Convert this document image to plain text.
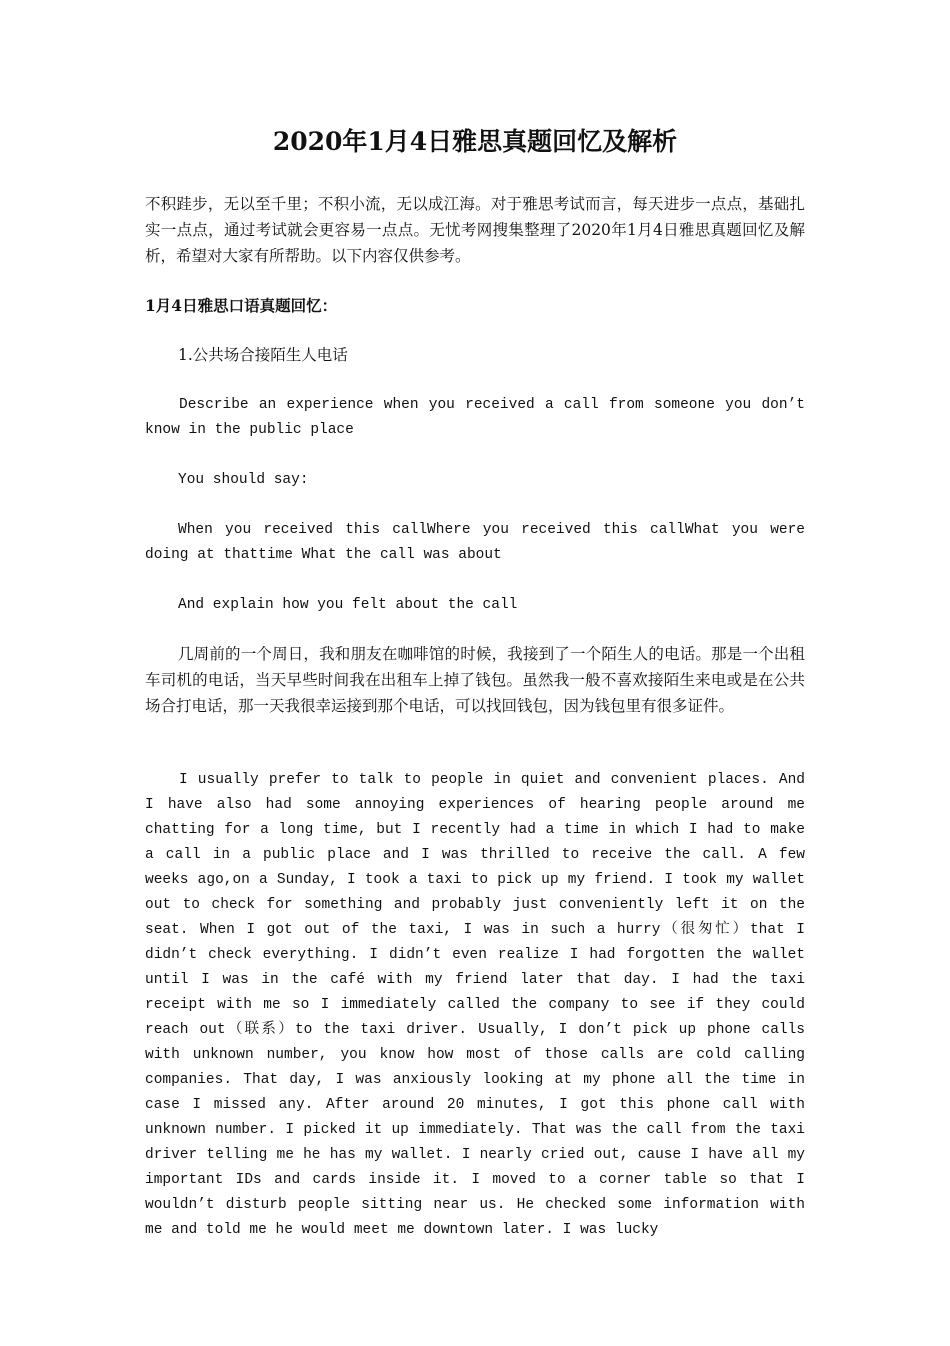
2020年1月4日雅思真题回忆及解析

不积跬步，无以至千里；不积小流，无以成江海。对于雅思考试而言，每天进步一点点，基础扎实一点点，通过考试就会更容易一点点。无忧考网搜集整理了2020年1月4日雅思真题回忆及解析，希望对大家有所帮助。以下内容仅供参考。

1月4日雅思口语真题回忆：

1.公共场合接陌生人电话

Describe an experience when you received a call from someone you don’t know in the public place

You should say:

When you received this callWhere you received this callWhat you were doing at thattime What the call was about

And explain how you felt about the call

几周前的一个周日，我和朋友在咖啡馆的时候，我接到了一个陌生人的电话。那是一个出租车司机的电话，当天早些时间我在出租车上掉了钱包。虽然我一般不喜欢接陌生来电或是在公共场合打电话，那一天我很幸运接到那个电话，可以找回钱包，因为钱包里有很多证件。

I usually prefer to talk to people in quiet and convenient places. And I have also had some annoying experiences of hearing people around me chatting for a long time, but I recently had a time in which I had to make a call in a public place and I was thrilled to receive the call. A few weeks ago,on a Sunday, I took a taxi to pick up my friend. I took my wallet out to check for something and probably just conveniently left it on the seat. When I got out of the taxi, I was in such a hurry（很匆忙）that I didn’t check everything. I didn’t even realize I had forgotten the wallet until I was in the café with my friend later that day. I had the taxi receipt with me so I immediately called the company to see if they could reach out（联系）to the taxi driver. Usually, I don’t pick up phone calls with unknown number, you know how most of those calls are cold calling companies. That day, I was anxiously looking at my phone all the time in case I missed any. After around 20 minutes, I got this phone call with unknown number. I picked it up immediately. That was the call from the taxi driver telling me he has my wallet. I nearly cried out, cause I have all my important IDs and cards inside it. I moved to a corner table so that I wouldn’t disturb people sitting near us. He checked some information with me and told me he would meet me downtown later. I was lucky
